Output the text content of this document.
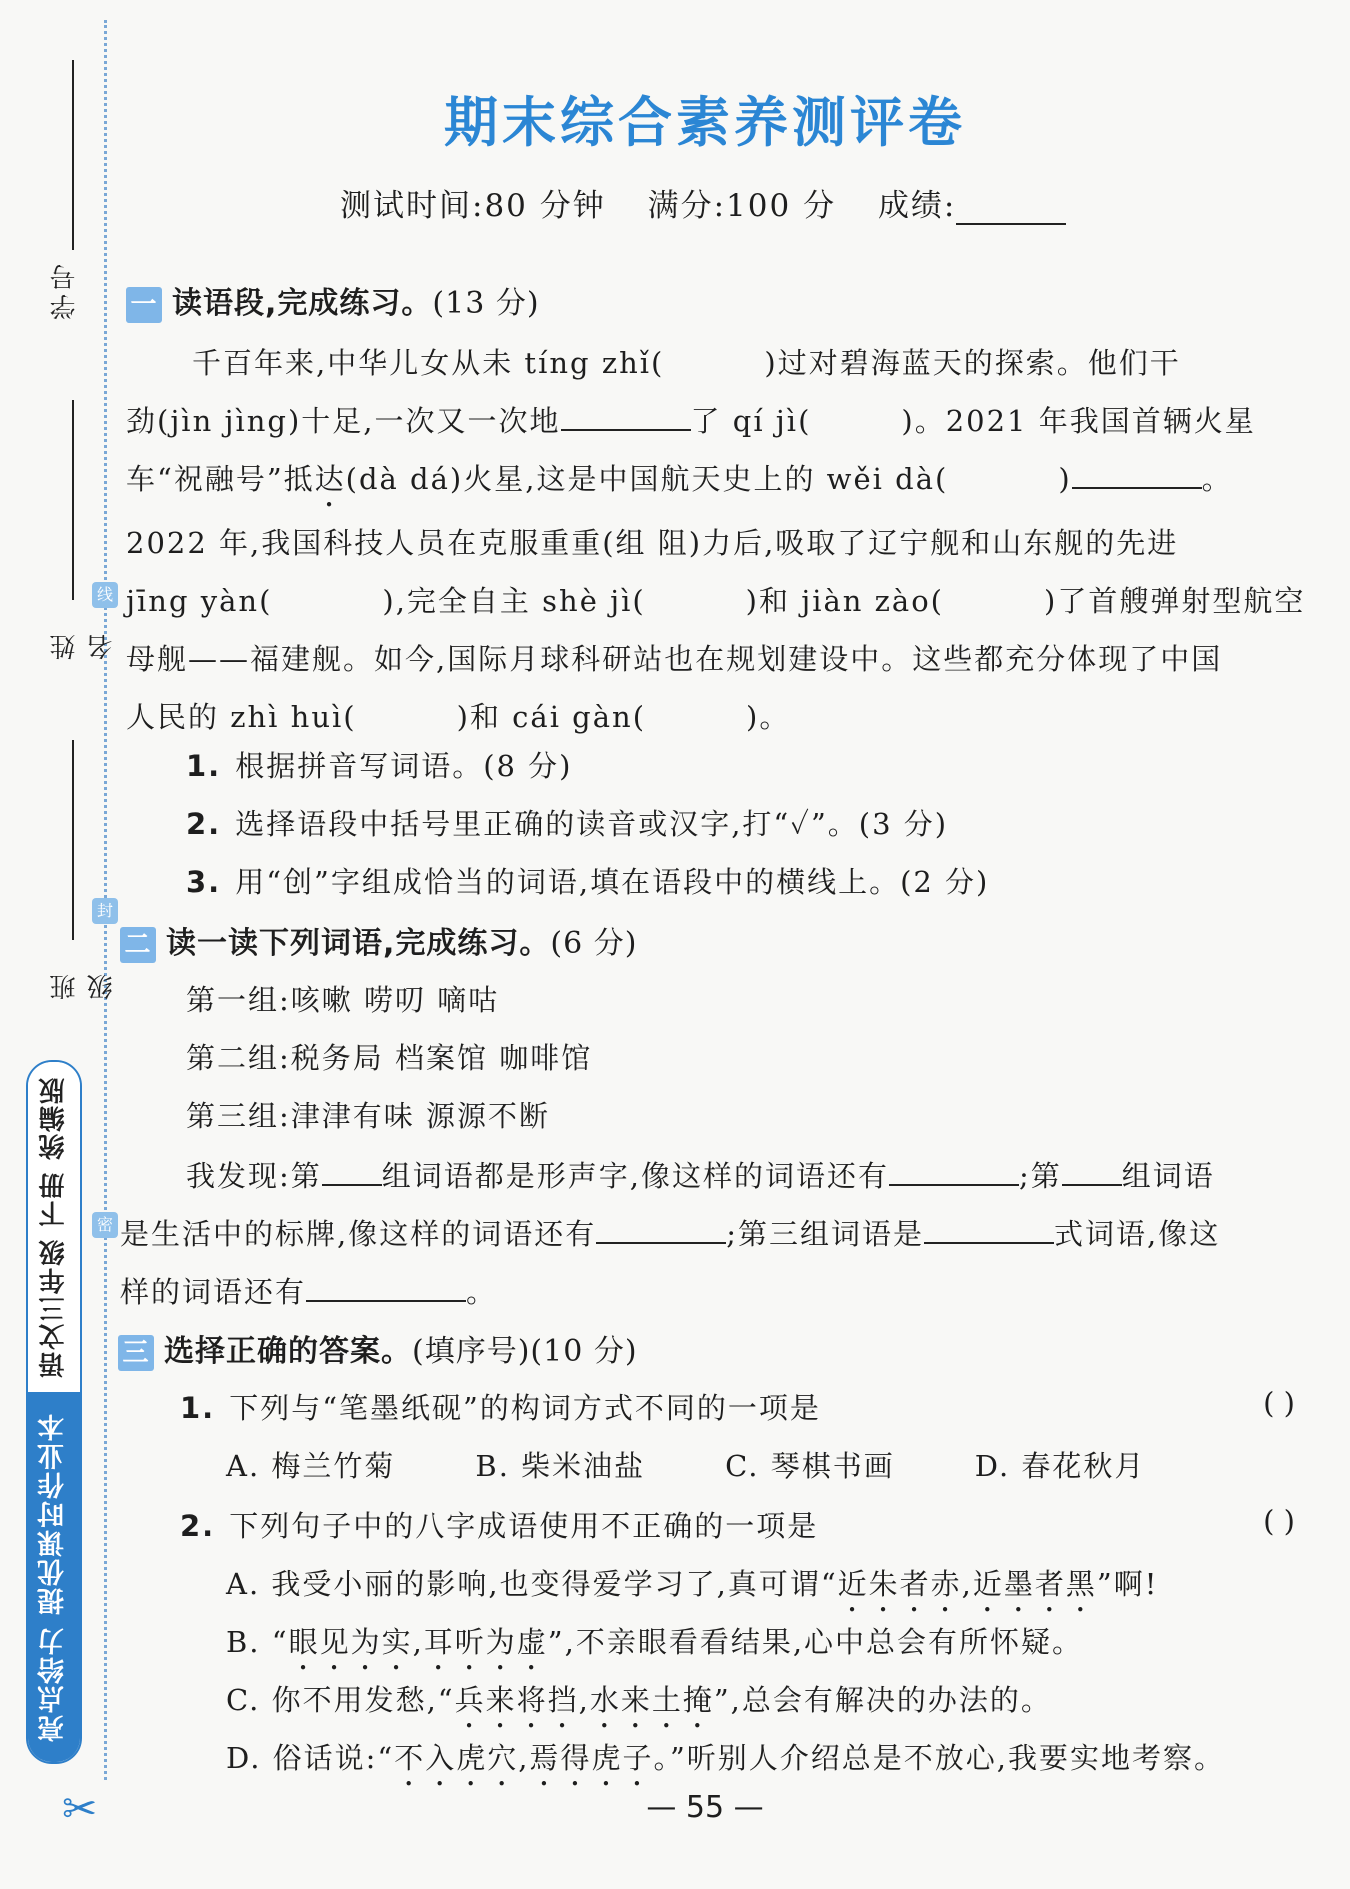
学号
姓名
班级
线
封
密
语文三年级 下册 统编版
亮点给力 提优课时作业本
✂
期末综合素养测评卷
测试时间:80 分钟 满分:100 分 成绩:
一 读语段,完成练习。(13 分)

千百年来,中华儿女从未 tíng zhǐ(	)过对碧海蓝天的探索。他们干

劲(jìn jìng)十足,一次又一次地	了 qí jì(	)。2021 年我国首辆火星

车“祝融号”抵达(dà dá)火星,这是中国航天史上的 wěi dà(	)	。

2022 年,我国科技人员在克服重重(组 阻)力后,吸取了辽宁舰和山东舰的先进

jīng yàn(	),完全自主 shè jì(	)和 jiàn zào(	)了首艘弹射型航空

母舰——福建舰。如今,国际月球科研站也在规划建设中。这些都充分体现了中国

人民的 zhì huì(	)和 cái gàn(	)。

1. 根据拼音写词语。(8 分)
2. 选择语段中括号里正确的读音或汉字,打“✓”。(3 分)
3. 用“创”字组成恰当的词语,填在语段中的横线上。(2 分)
二 读一读下列词语,完成练习。(6 分)
第一组:咳嗽 唠叨 嘀咕
第二组:税务局 档案馆 咖啡馆
第三组:津津有味 源源不断
我发现:第 组词语都是形声字,像这样的词语还有	;第 组词语
是生活中的标牌,像这样的词语还有	;第三组词语是	式词语,像这
样的词语还有	。
三 选择正确的答案。(填序号)(10 分)
1. 下列与“笔墨纸砚”的构词方式不同的一项是	( )
A. 梅兰竹菊	B. 柴米油盐	C. 琴棋书画	D. 春花秋月
2. 下列句子中的八字成语使用不正确的一项是	( )
A. 我受小丽的影响,也变得爱学习了,真可谓“近朱者赤,近墨者黑”啊!
B. “眼见为实,耳听为虚”,不亲眼看看结果,心中总会有所怀疑。
C. 你不用发愁,“兵来将挡,水来土掩”,总会有解决的办法的。
D. 俗话说:“不入虎穴,焉得虎子。”听别人介绍总是不放心,我要实地考察。
— 55 —
